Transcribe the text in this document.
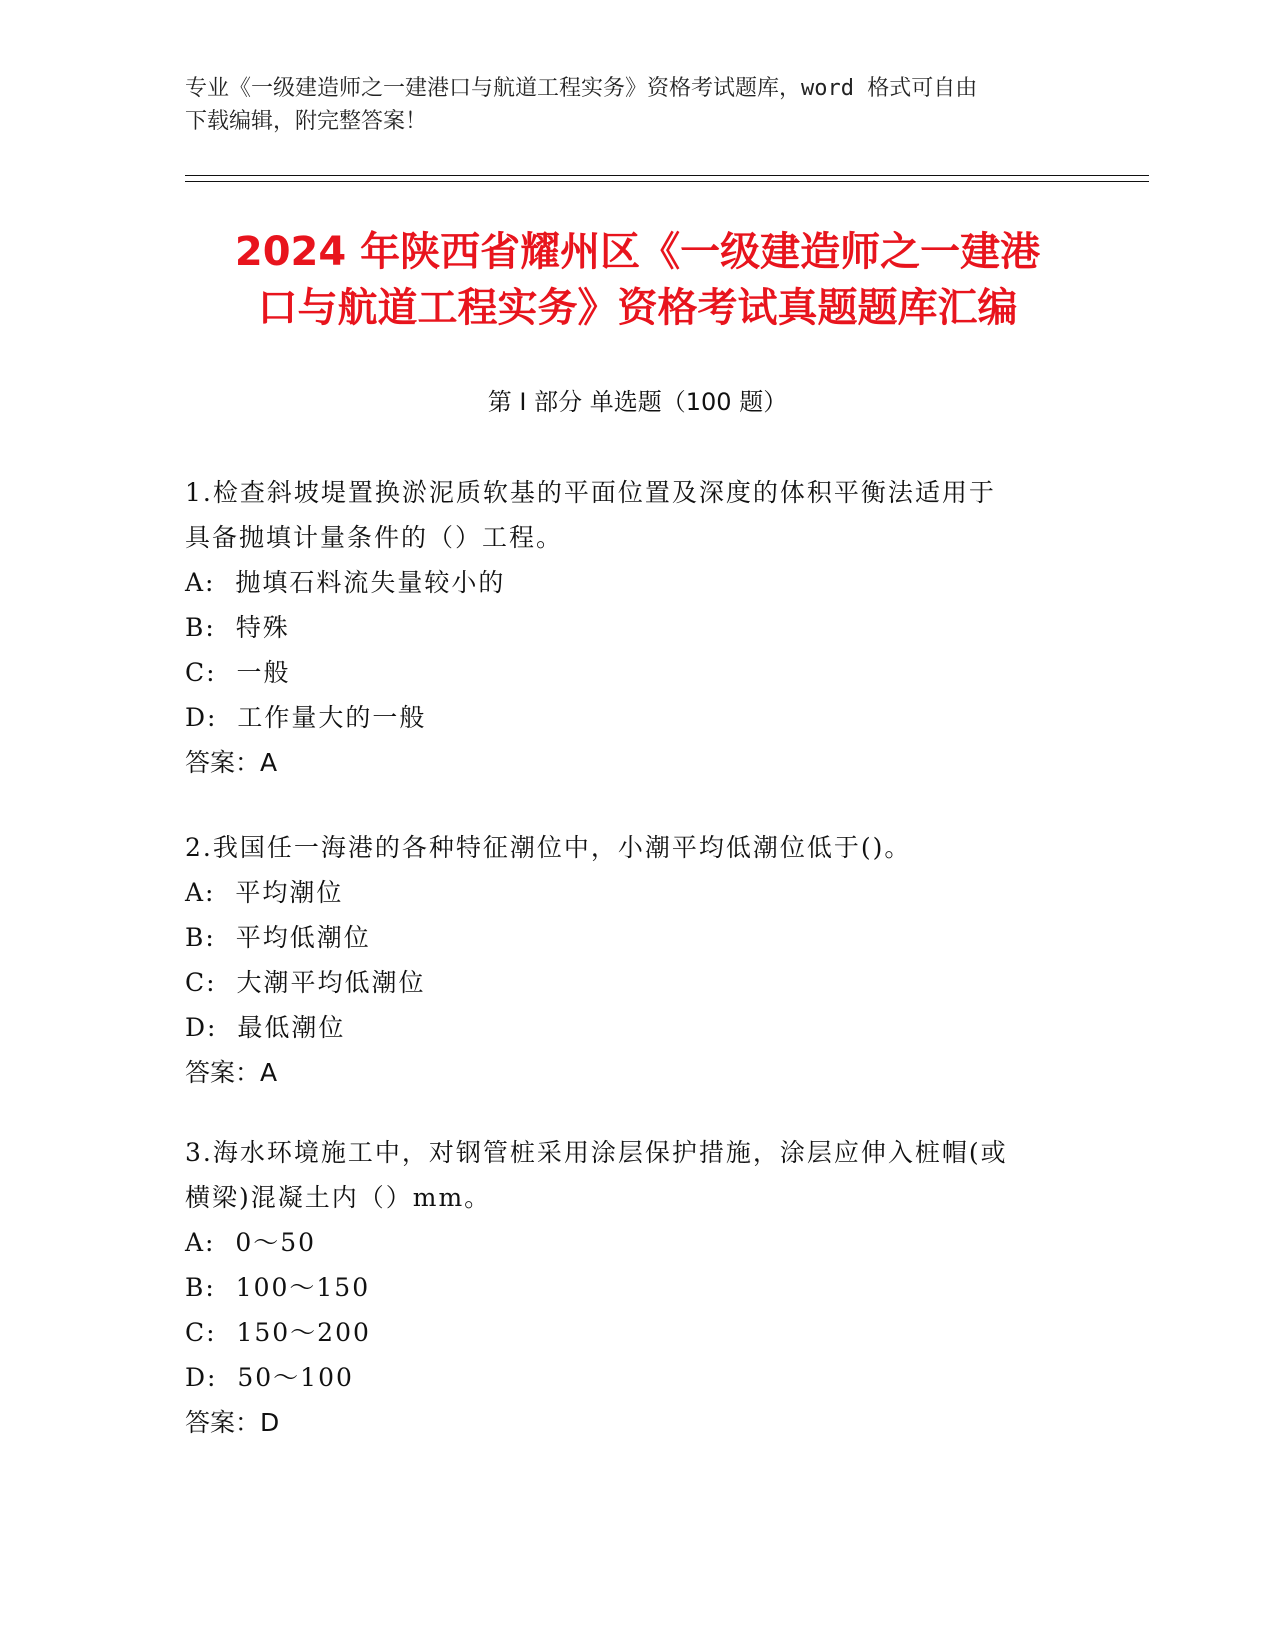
专业《一级建造师之一建港口与航道工程实务》资格考试题库，word 格式可自由
下载编辑，附完整答案！
2024 年陕西省耀州区《一级建造师之一建港
口与航道工程实务》资格考试真题题库汇编
第 I 部分 单选题（100 题）
1.检查斜坡堤置换淤泥质软基的平面位置及深度的体积平衡法适用于
具备抛填计量条件的（）工程。
A:  抛填石料流失量较小的
B:  特殊
C:  一般
D:  工作量大的一般
答案：A
2.我国任一海港的各种特征潮位中，小潮平均低潮位低于()。
A:  平均潮位
B:  平均低潮位
C:  大潮平均低潮位
D:  最低潮位
答案：A
3.海水环境施工中，对钢管桩采用涂层保护措施，涂层应伸入桩帽(或
横梁)混凝土内（）mm。
A:  0～50
B:  100～150
C:  150～200
D:  50～100
答案：D
